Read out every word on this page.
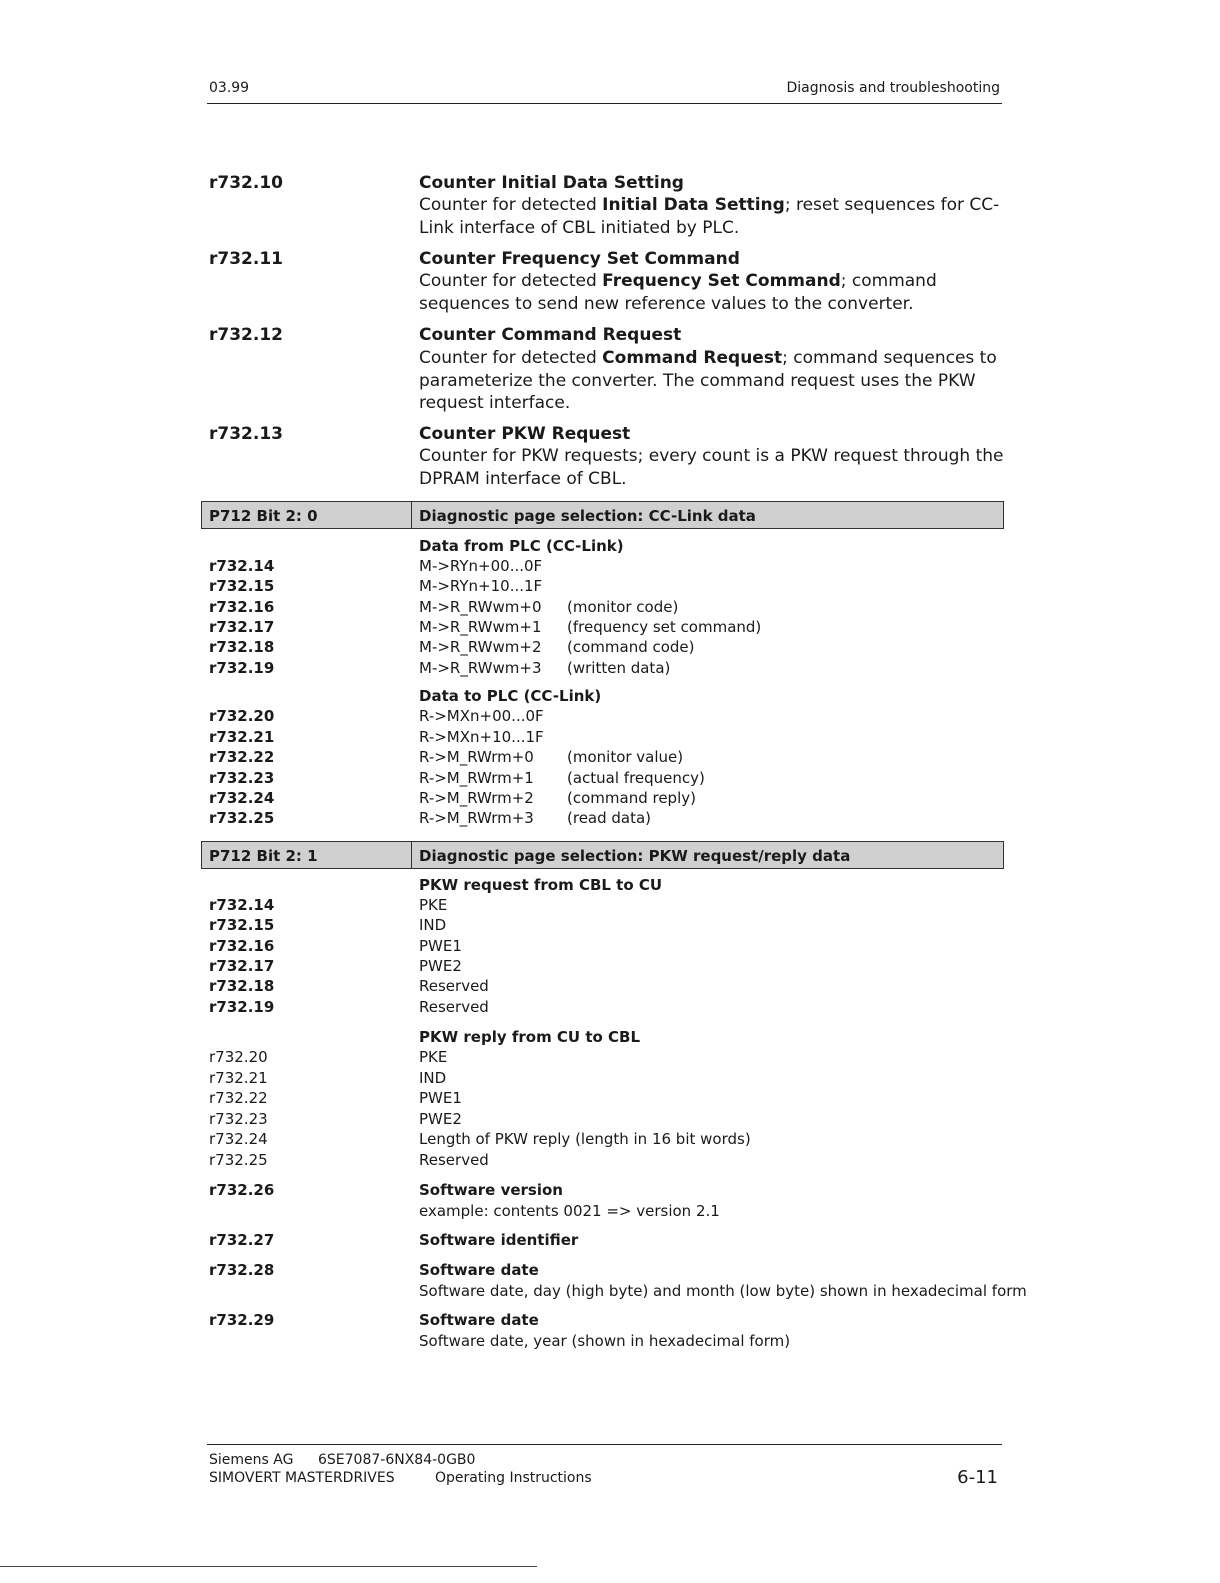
03.99	Diagnosis and troubleshooting
r732.10	Counter Initial Data Setting
Counter for detected Initial Data Setting; reset sequences for CC-
Link interface of CBL initiated by PLC.
r732.11	Counter Frequency Set Command
Counter for detected Frequency Set Command; command
sequences to send new reference values to the converter.
r732.12	Counter Command Request
Counter for detected Command Request; command sequences to
parameterize the converter. The command request uses the PKW
request interface.
r732.13	Counter PKW Request
Counter for PKW requests; every count is a PKW request through the
DPRAM interface of CBL.
P712 Bit 2: 0	Diagnostic page selection: CC-Link data
Data from PLC (CC-Link)
r732.14	M->RYn+00...0F
r732.15	M->RYn+10...1F
r732.16	M->R_RWwm+0 (monitor code)
r732.17	M->R_RWwm+1 (frequency set command)
r732.18	M->R_RWwm+2 (command code)
r732.19	M->R_RWwm+3 (written data)
Data to PLC (CC-Link)
r732.20	R->MXn+00...0F
r732.21	R->MXn+10...1F
r732.22	R->M_RWrm+0 (monitor value)
r732.23	R->M_RWrm+1 (actual frequency)
r732.24	R->M_RWrm+2 (command reply)
r732.25	R->M_RWrm+3 (read data)
P712 Bit 2: 1	Diagnostic page selection: PKW request/reply data
PKW request from CBL to CU
r732.14	PKE
r732.15	IND
r732.16	PWE1
r732.17	PWE2
r732.18	Reserved
r732.19	Reserved
PKW reply from CU to CBL
r732.20	PKE
r732.21	IND
r732.22	PWE1
r732.23	PWE2
r732.24	Length of PKW reply (length in 16 bit words)
r732.25	Reserved
r732.26	Software version
example: contents 0021 => version 2.1
r732.27	Software identifier
r732.28	Software date
Software date, day (high byte) and month (low byte) shown in hexadecimal form
r732.29	Software date
Software date, year (shown in hexadecimal form)
Siemens AG 6SE7087-6NX84-0GB0
SIMOVERT MASTERDRIVES	Operating Instructions	6-11
